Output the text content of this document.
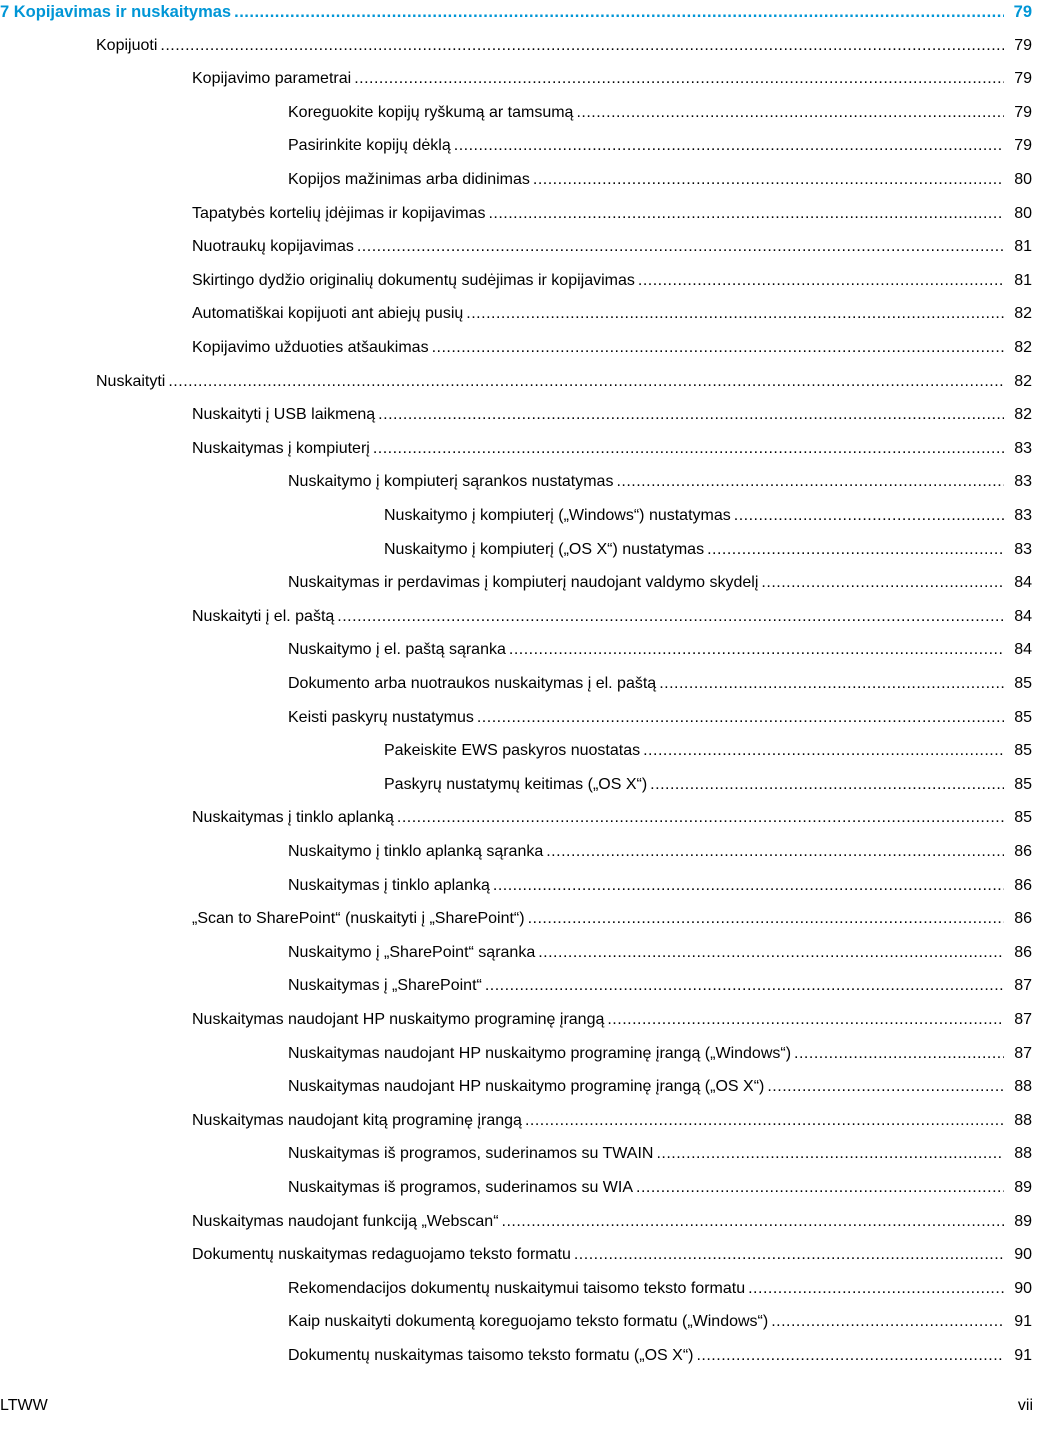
7 Kopijavimas ir nuskaitymas .....	79
Kopijuoti .....	79
Kopijavimo parametrai .....	79
Koreguokite kopijų ryškumą ar tamsumą .....	79
Pasirinkite kopijų dėklą .....	79
Kopijos mažinimas arba didinimas .....	80
Tapatybės kortelių įdėjimas ir kopijavimas .....	80
Nuotraukų kopijavimas .....	81
Skirtingo dydžio originalių dokumentų sudėjimas ir kopijavimas .....	81
Automatiškai kopijuoti ant abiejų pusių .....	82
Kopijavimo užduoties atšaukimas .....	82
Nuskaityti .....	82
Nuskaityti į USB laikmeną .....	82
Nuskaitymas į kompiuterį .....	83
Nuskaitymo į kompiuterį sąrankos nustatymas .....	83
Nuskaitymo į kompiuterį („Windows“) nustatymas .....	83
Nuskaitymo į kompiuterį („OS X“) nustatymas .....	83
Nuskaitymas ir perdavimas į kompiuterį naudojant valdymo skydelį .....	84
Nuskaityti į el. paštą .....	84
Nuskaitymo į el. paštą sąranka .....	84
Dokumento arba nuotraukos nuskaitymas į el. paštą .....	85
Keisti paskyrų nustatymus .....	85
Pakeiskite EWS paskyros nuostatas .....	85
Paskyrų nustatymų keitimas („OS X“) .....	85
Nuskaitymas į tinklo aplanką .....	85
Nuskaitymo į tinklo aplanką sąranka .....	86
Nuskaitymas į tinklo aplanką .....	86
„Scan to SharePoint“ (nuskaityti į „SharePoint“) .....	86
Nuskaitymo į „SharePoint“ sąranka .....	86
Nuskaitymas į „SharePoint“ .....	87
Nuskaitymas naudojant HP nuskaitymo programinę įrangą .....	87
Nuskaitymas naudojant HP nuskaitymo programinę įrangą („Windows“) .....	87
Nuskaitymas naudojant HP nuskaitymo programinę įrangą („OS X“) .....	88
Nuskaitymas naudojant kitą programinę įrangą .....	88
Nuskaitymas iš programos, suderinamos su TWAIN .....	88
Nuskaitymas iš programos, suderinamos su WIA .....	89
Nuskaitymas naudojant funkciją „Webscan“ .....	89
Dokumentų nuskaitymas redaguojamo teksto formatu .....	90
Rekomendacijos dokumentų nuskaitymui taisomo teksto formatu .....	90
Kaip nuskaityti dokumentą koreguojamo teksto formatu („Windows“) .....	91
Dokumentų nuskaitymas taisomo teksto formatu („OS X“) .....	91
LTWW	vii
